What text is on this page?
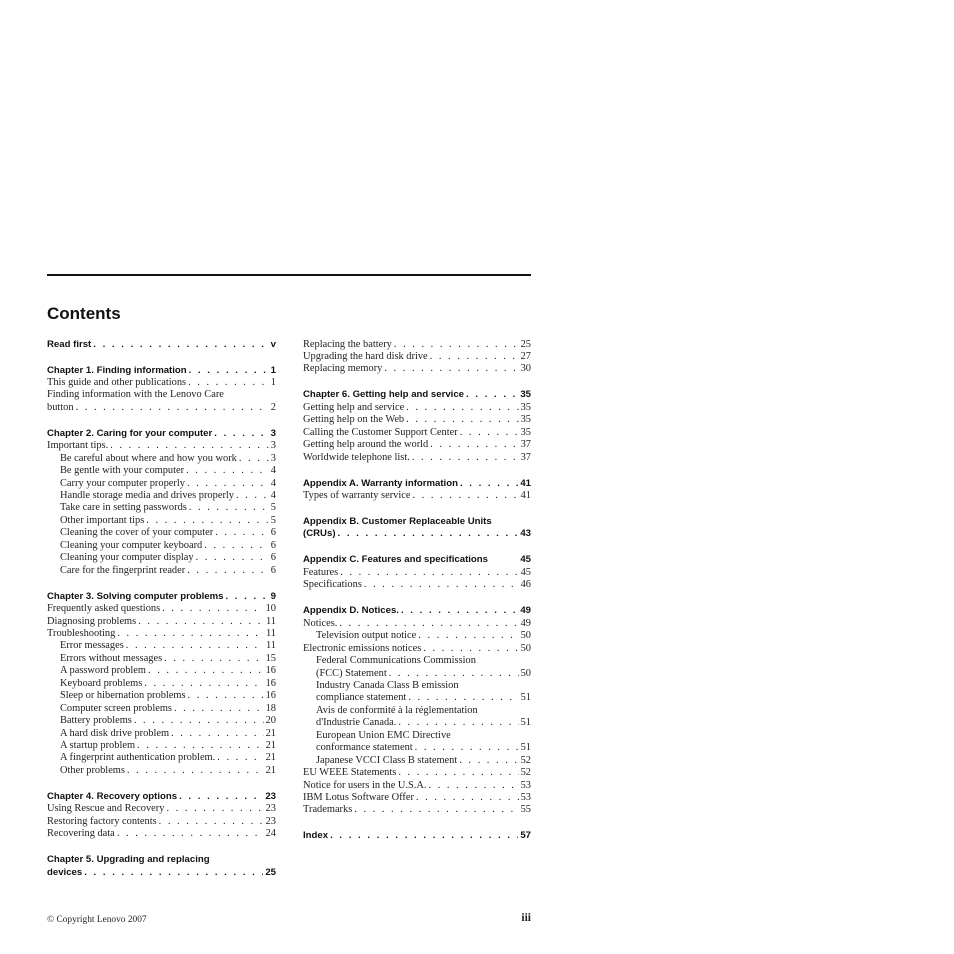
Contents
Read first . . .	v
Chapter 1. Finding information . . .	1
This guide and other publications . . .	1
Finding information with the Lenovo Care
button . . .	2
Chapter 2. Caring for your computer . . .	3
Important tips. . . .	3
Be careful about where and how you work . . .	3
Be gentle with your computer . . .	4
Carry your computer properly . . .	4
Handle storage media and drives properly . . .	4
Take care in setting passwords . . .	5
Other important tips . . .	5
Cleaning the cover of your computer . . .	6
Cleaning your computer keyboard . . .	6
Cleaning your computer display . . .	6
Care for the fingerprint reader . . .	6
Chapter 3. Solving computer problems . . .	9
Frequently asked questions . . .	10
Diagnosing problems . . .	11
Troubleshooting . . .	11
Error messages . . .	11
Errors without messages . . .	15
A password problem . . .	16
Keyboard problems . . .	16
Sleep or hibernation problems . . .	16
Computer screen problems . . .	18
Battery problems . . .	20
A hard disk drive problem . . .	21
A startup problem . . .	21
A fingerprint authentication problem. . . .	21
Other problems . . .	21
Chapter 4. Recovery options . . .	23
Using Rescue and Recovery . . .	23
Restoring factory contents . . .	23
Recovering data . . .	24
Chapter 5. Upgrading and replacing
devices . . .	25
Replacing the battery . . .	25
Upgrading the hard disk drive . . .	27
Replacing memory . . .	30
Chapter 6. Getting help and service . . .	35
Getting help and service . . .	35
Getting help on the Web . . .	35
Calling the Customer Support Center . . .	35
Getting help around the world . . .	37
Worldwide telephone list. . . .	37
Appendix A. Warranty information . . .	41
Types of warranty service . . .	41
Appendix B. Customer Replaceable Units
(CRUs) . . .	43
Appendix C. Features and specifications	45
Features . . .	45
Specifications . . .	46
Appendix D. Notices. . . .	49
Notices. . . .	49
Television output notice . . .	50
Electronic emissions notices . . .	50
Federal Communications Commission
(FCC) Statement . . .	50
Industry Canada Class B emission
compliance statement . . .	51
Avis de conformité à la réglementation
d'Industrie Canada. . . .	51
European Union EMC Directive
conformance statement . . .	51
Japanese VCCI Class B statement . . .	52
EU WEEE Statements . . .	52
Notice for users in the U.S.A. . . .	53
IBM Lotus Software Offer . . .	53
Trademarks . . .	55
Index . . .	57
© Copyright Lenovo 2007	iii
